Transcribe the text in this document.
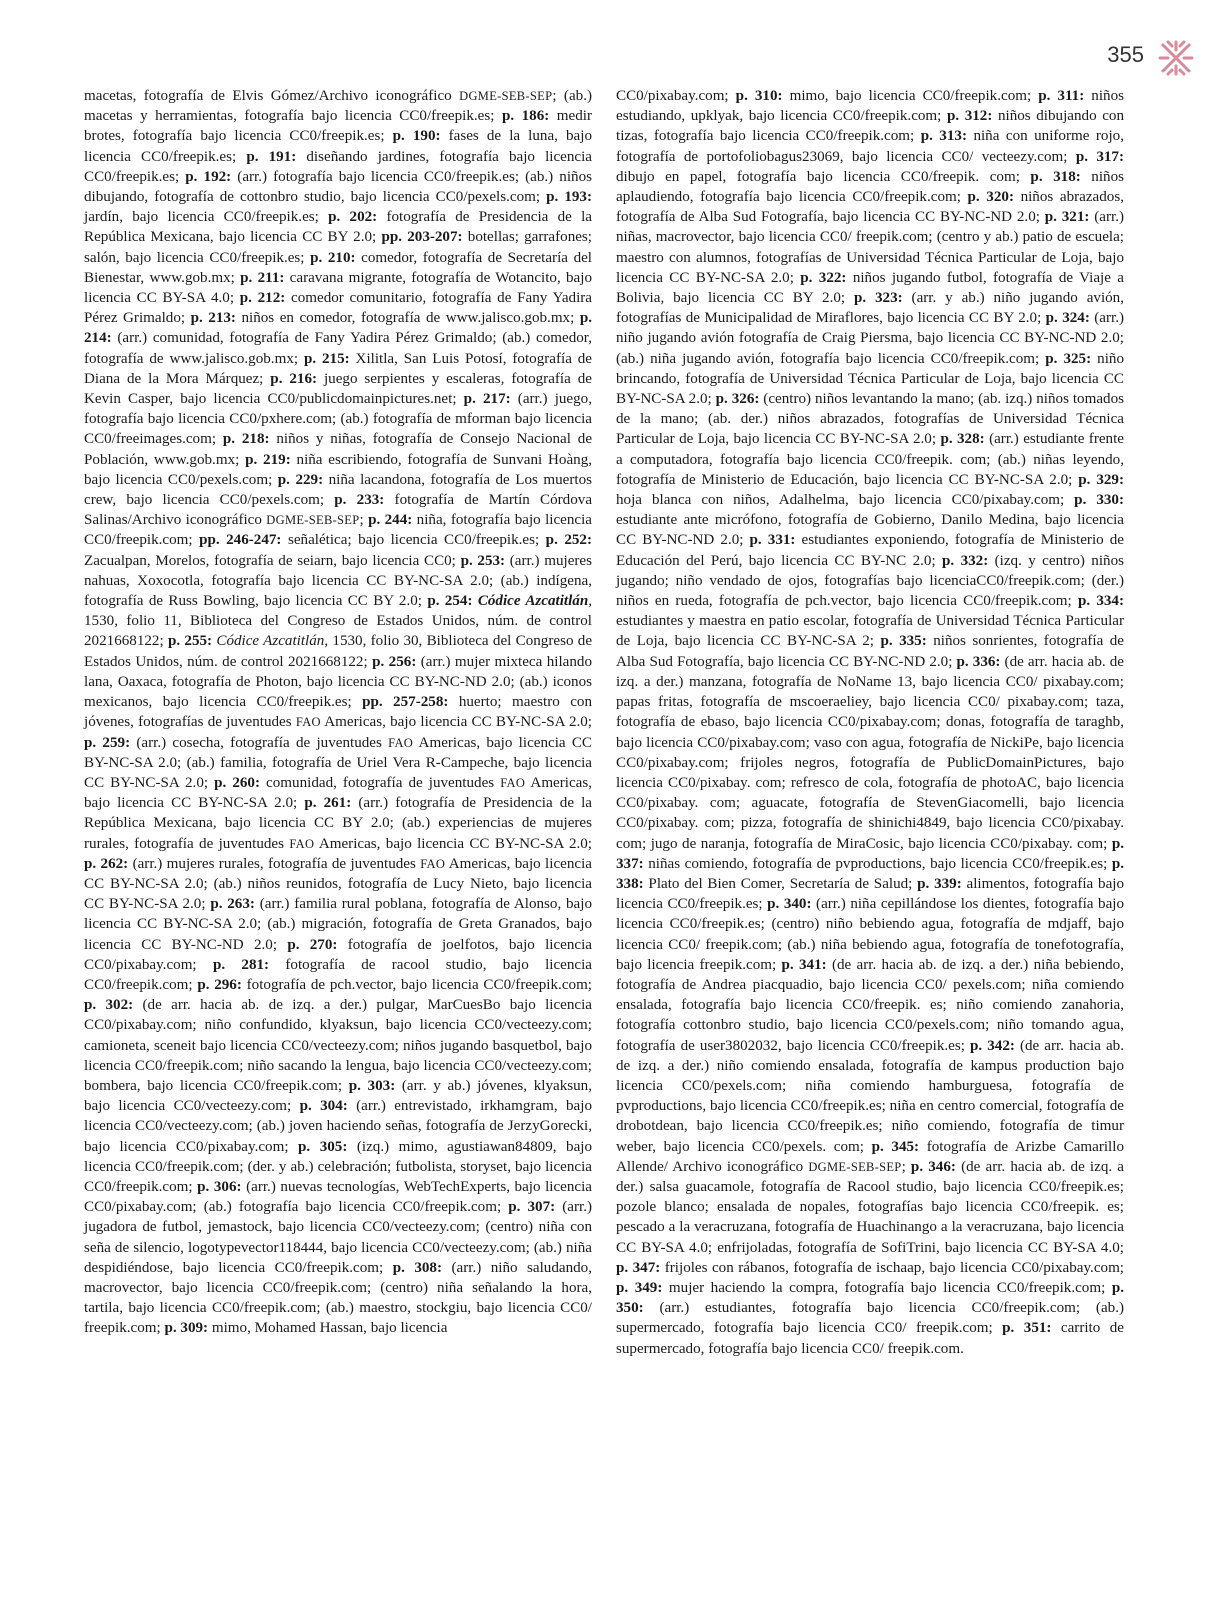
355

macetas, fotografía de Elvis Gómez/Archivo iconográfico DGME-SEB-SEP; (ab.) macetas y herramientas, fotografía bajo licencia CC0/freepik.es; p. 186: medir brotes, fotografía bajo licencia CC0/freepik.es; p. 190: fases de la luna, bajo licencia CC0/freepik.es; p. 191: diseñando jardines, fotografía bajo licencia CC0/freepik.es; p. 192: (arr.) fotografía bajo licencia CC0/freepik.es; (ab.) niños dibujando, fotografía de cottonbro studio, bajo licencia CC0/pexels.com; p. 193: jardín, bajo licencia CC0/freepik.es; p. 202: fotografía de Presidencia de la República Mexicana, bajo licencia CC BY 2.0; pp. 203-207: botellas; garrafones; salón, bajo licencia CC0/freepik.es; p. 210: comedor, fotografía de Secretaría del Bienestar, www.gob.mx; p. 211: caravana migrante, fotografía de Wotancito, bajo licencia CC BY-SA 4.0; p. 212: comedor comunitario, fotografía de Fany Yadira Pérez Grimaldo; p. 213: niños en comedor, fotografía de www.jalisco.gob.mx; p. 214: (arr.) comunidad, fotografía de Fany Yadira Pérez Grimaldo; (ab.) comedor, fotografía de www.jalisco.gob.mx; p. 215: Xilitla, San Luis Potosí, fotografía de Diana de la Mora Márquez; p. 216: juego serpientes y escaleras, fotografía de Kevin Casper, bajo licencia CC0/publicdomainpictures.net; p. 217: (arr.) juego, fotografía bajo licencia CC0/pxhere.com; (ab.) fotografía de mforman bajo licencia CC0/freeimages.com; p. 218: niños y niñas, fotografía de Consejo Nacional de Población, www.gob.mx; p. 219: niña escribiendo, fotografía de Sunvani Hoàng, bajo licencia CC0/pexels.com; p. 229: niña lacandona, fotografía de Los muertos crew, bajo licencia CC0/pexels.com; p. 233: fotografía de Martín Córdova Salinas/Archivo iconográfico DGME-SEB-SEP; p. 244: niña, fotografía bajo licencia CC0/freepik.com; pp. 246-247: señalética; bajo licencia CC0/freepik.es; p. 252: Zacualpan, Morelos, fotografía de seiarn, bajo licencia CC0; p. 253: (arr.) mujeres nahuas, Xoxocotla, fotografía bajo licencia CC BY-NC-SA 2.0; (ab.) indígena, fotografía de Russ Bowling, bajo licencia CC BY 2.0; p. 254: Códice Azcatitlán, 1530, folio 11, Biblioteca del Congreso de Estados Unidos, núm. de control 2021668122; p. 255: Códice Azcatitlán, 1530, folio 30, Biblioteca del Congreso de Estados Unidos, núm. de control 2021668122; p. 256: (arr.) mujer mixteca hilando lana, Oaxaca, fotografía de Photon, bajo licencia CC BY-NC-ND 2.0; (ab.) iconos mexicanos, bajo licencia CC0/freepik.es; pp. 257-258: huerto; maestro con jóvenes, fotografías de juventudes FAO Americas, bajo licencia CC BY-NC-SA 2.0; p. 259: (arr.) cosecha, fotografía de juventudes FAO Americas, bajo licencia CC BY-NC-SA 2.0; (ab.) familia, fotografía de Uriel Vera R-Campeche, bajo licencia CC BY-NC-SA 2.0; p. 260: comunidad, fotografía de juventudes FAO Americas, bajo licencia CC BY-NC-SA 2.0; p. 261: (arr.) fotografía de Presidencia de la República Mexicana, bajo licencia CC BY 2.0; (ab.) experiencias de mujeres rurales, fotografía de juventudes FAO Americas, bajo licencia CC BY-NC-SA 2.0; p. 262: (arr.) mujeres rurales, fotografía de juventudes FAO Americas, bajo licencia CC BY-NC-SA 2.0; (ab.) niños reunidos, fotografía de Lucy Nieto, bajo licencia CC BY-NC-SA 2.0; p. 263: (arr.) familia rural poblana, fotografía de Alonso, bajo licencia CC BY-NC-SA 2.0; (ab.) migración, fotografía de Greta Granados, bajo licencia CC BY-NC-ND 2.0; p. 270: fotografía de joelfotos, bajo licencia CC0/pixabay.com; p. 281: fotografía de racool studio, bajo licencia CC0/freepik.com; p. 296: fotografía de pch.vector, bajo licencia CC0/freepik.com; p. 302: (de arr. hacia ab. de izq. a der.) pulgar, MarCuesBo bajo licencia CC0/pixabay.com; niño confundido, klyaksun, bajo licencia CC0/vecteezy.com; camioneta, sceneit bajo licencia CC0/vecteezy.com; niños jugando basquetbol, bajo licencia CC0/freepik.com; niño sacando la lengua, bajo licencia CC0/vecteezy.com; bombera, bajo licencia CC0/freepik.com; p. 303: (arr. y ab.) jóvenes, klyaksun, bajo licencia CC0/vecteezy.com; p. 304: (arr.) entrevistado, irkhamgram, bajo licencia CC0/vecteezy.com; (ab.) joven haciendo señas, fotografía de JerzyGorecki, bajo licencia CC0/pixabay.com; p. 305: (izq.) mimo, agustiawan84809, bajo licencia CC0/freepik.com; (der. y ab.) celebración; futbolista, storyset, bajo licencia CC0/freepik.com; p. 306: (arr.) nuevas tecnologías, WebTechExperts, bajo licencia CC0/pixabay.com; (ab.) fotografía bajo licencia CC0/freepik.com; p. 307: (arr.) jugadora de futbol, jemastock, bajo licencia CC0/vecteezy.com; (centro) niña con seña de silencio, logotypevector118444, bajo licencia CC0/vecteezy.com; (ab.) niña despidiéndose, bajo licencia CC0/freepik.com; p. 308: (arr.) niño saludando, macrovector, bajo licencia CC0/freepik.com; (centro) niña señalando la hora, tartila, bajo licencia CC0/freepik.com; (ab.) maestro, stockgiu, bajo licencia CC0/ freepik.com; p. 309: mimo, Mohamed Hassan, bajo licencia

CC0/pixabay.com; p. 310: mimo, bajo licencia CC0/freepik.com; p. 311: niños estudiando, upklyak, bajo licencia CC0/freepik.com; p. 312: niños dibujando con tizas, fotografía bajo licencia CC0/freepik.com; p. 313: niña con uniforme rojo, fotografía de portofoliobagus23069, bajo licencia CC0/ vecteezy.com; p. 317: dibujo en papel, fotografía bajo licencia CC0/freepik. com; p. 318: niños aplaudiendo, fotografía bajo licencia CC0/freepik.com; p. 320: niños abrazados, fotografía de Alba Sud Fotografía, bajo licencia CC BY-NC-ND 2.0; p. 321: (arr.) niñas, macrovector, bajo licencia CC0/ freepik.com; (centro y ab.) patio de escuela; maestro con alumnos, fotografías de Universidad Técnica Particular de Loja, bajo licencia CC BY-NC-SA 2.0; p. 322: niños jugando futbol, fotografía de Viaje a Bolivia, bajo licencia CC BY 2.0; p. 323: (arr. y ab.) niño jugando avión, fotografías de Municipalidad de Miraflores, bajo licencia CC BY 2.0; p. 324: (arr.) niño jugando avión fotografía de Craig Piersma, bajo licencia CC BY-NC-ND 2.0; (ab.) niña jugando avión, fotografía bajo licencia CC0/freepik.com; p. 325: niño brincando, fotografía de Universidad Técnica Particular de Loja, bajo licencia CC BY-NC-SA 2.0; p. 326: (centro) niños levantando la mano; (ab. izq.) niños tomados de la mano; (ab. der.) niños abrazados, fotografías de Universidad Técnica Particular de Loja, bajo licencia CC BY-NC-SA 2.0; p. 328: (arr.) estudiante frente a computadora, fotografía bajo licencia CC0/freepik. com; (ab.) niñas leyendo, fotografía de Ministerio de Educación, bajo licencia CC BY-NC-SA 2.0; p. 329: hoja blanca con niños, Adalhelma, bajo licencia CC0/pixabay.com; p. 330: estudiante ante micrófono, fotografía de Gobierno, Danilo Medina, bajo licencia CC BY-NC-ND 2.0; p. 331: estudiantes exponiendo, fotografía de Ministerio de Educación del Perú, bajo licencia CC BY-NC 2.0; p. 332: (izq. y centro) niños jugando; niño vendado de ojos, fotografías bajo licenciaCC0/freepik.com; (der.) niños en rueda, fotografía de pch.vector, bajo licencia CC0/freepik.com; p. 334: estudiantes y maestra en patio escolar, fotografía de Universidad Técnica Particular de Loja, bajo licencia CC BY-NC-SA 2; p. 335: niños sonrientes, fotografía de Alba Sud Fotografía, bajo licencia CC BY-NC-ND 2.0; p. 336: (de arr. hacia ab. de izq. a der.) manzana, fotografía de NoName 13, bajo licencia CC0/ pixabay.com; papas fritas, fotografía de mscoeraeliey, bajo licencia CC0/ pixabay.com; taza, fotografía de ebaso, bajo licencia CC0/pixabay.com; donas, fotografía de taraghb, bajo licencia CC0/pixabay.com; vaso con agua, fotografía de NickiPe, bajo licencia CC0/pixabay.com; frijoles negros, fotografía de PublicDomainPictures, bajo licencia CC0/pixabay. com; refresco de cola, fotografía de photoAC, bajo licencia CC0/pixabay. com; aguacate, fotografía de StevenGiacomelli, bajo licencia CC0/pixabay. com; pizza, fotografía de shinichi4849, bajo licencia CC0/pixabay. com; jugo de naranja, fotografía de MiraCosic, bajo licencia CC0/pixabay. com; p. 337: niñas comiendo, fotografía de pvproductions, bajo licencia CC0/freepik.es; p. 338: Plato del Bien Comer, Secretaría de Salud; p. 339: alimentos, fotografía bajo licencia CC0/freepik.es; p. 340: (arr.) niña cepillándose los dientes, fotografía bajo licencia CC0/freepik.es; (centro) niño bebiendo agua, fotografía de mdjaff, bajo licencia CC0/ freepik.com; (ab.) niña bebiendo agua, fotografía de tonefotografía, bajo licencia freepik.com; p. 341: (de arr. hacia ab. de izq. a der.) niña bebiendo, fotografía de Andrea piacquadio, bajo licencia CC0/ pexels.com; niña comiendo ensalada, fotografía bajo licencia CC0/freepik. es; niño comiendo zanahoria, fotografía cottonbro studio, bajo licencia CC0/pexels.com; niño tomando agua, fotografía de user3802032, bajo licencia CC0/freepik.es; p. 342: (de arr. hacia ab. de izq. a der.) niño comiendo ensalada, fotografía de kampus production bajo licencia CC0/pexels.com; niña comiendo hamburguesa, fotografía de pvproductions, bajo licencia CC0/freepik.es; niña en centro comercial, fotografía de drobotdean, bajo licencia CC0/freepik.es; niño comiendo, fotografía de timur weber, bajo licencia CC0/pexels. com; p. 345: fotografía de Arizbe Camarillo Allende/ Archivo iconográfico DGME-SEB-SEP; p. 346: (de arr. hacia ab. de izq. a der.) salsa guacamole, fotografía de Racool studio, bajo licencia CC0/freepik.es; pozole blanco; ensalada de nopales, fotografías bajo licencia CC0/freepik. es; pescado a la veracruzana, fotografía de Huachinango a la veracruzana, bajo licencia CC BY-SA 4.0; enfrijoladas, fotografía de SofiTrini, bajo licencia CC BY-SA 4.0; p. 347: frijoles con rábanos, fotografía de ischaap, bajo licencia CC0/pixabay.com; p. 349: mujer haciendo la compra, fotografía bajo licencia CC0/freepik.com; p. 350: (arr.) estudiantes, fotografía bajo licencia CC0/freepik.com; (ab.) supermercado, fotografía bajo licencia CC0/ freepik.com; p. 351: carrito de supermercado, fotografía bajo licencia CC0/ freepik.com.
